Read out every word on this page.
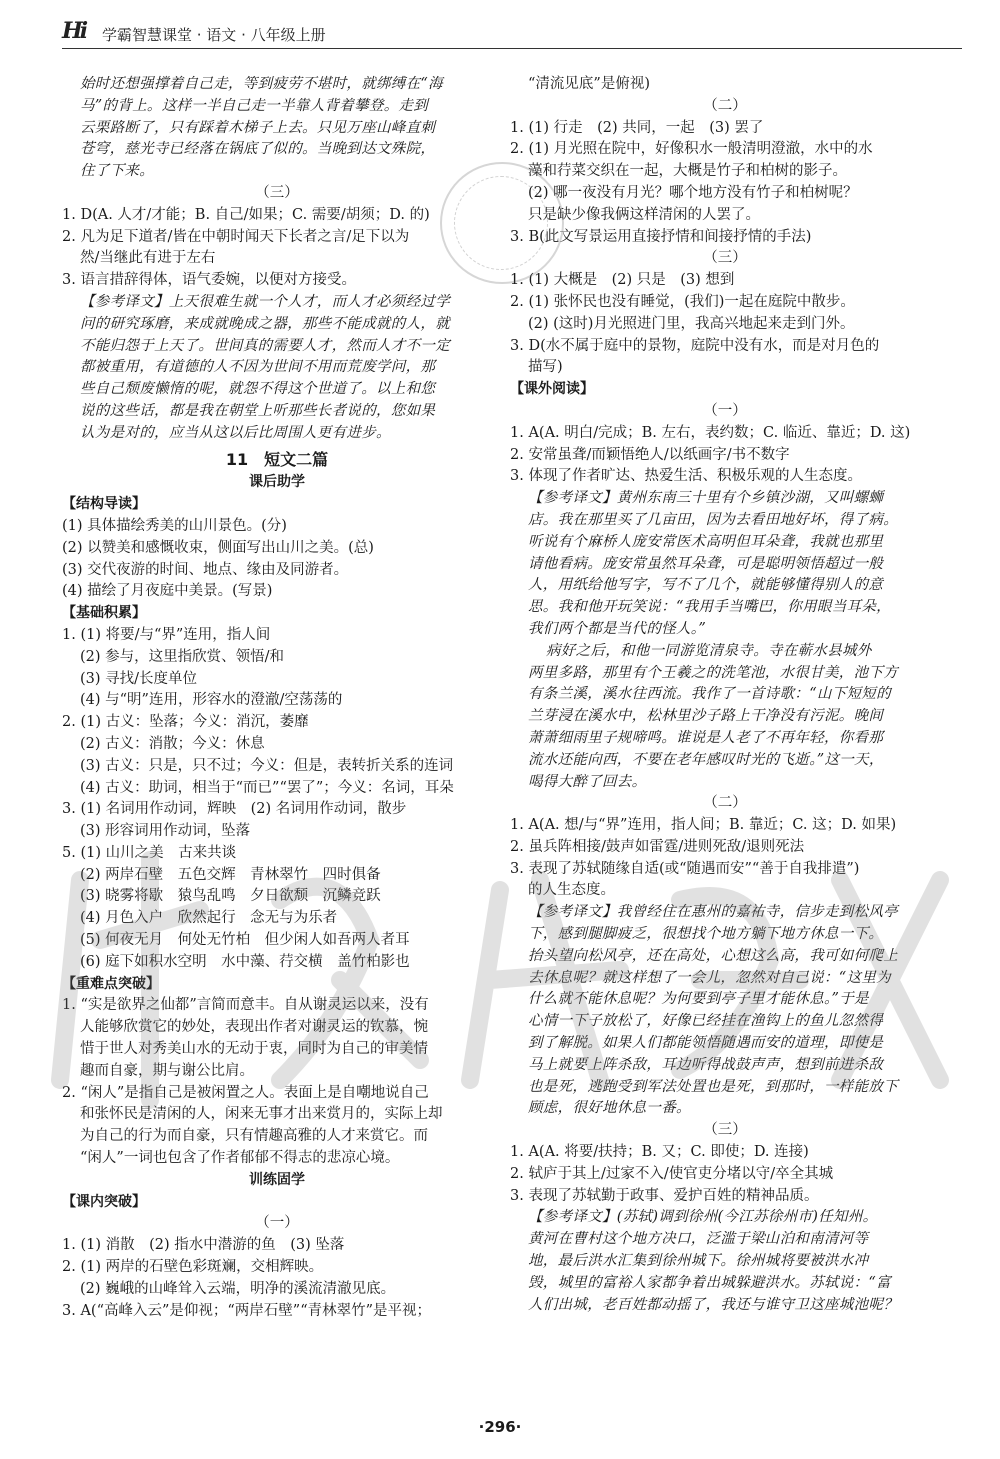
Hi 学霸智慧课堂 · 语文 · 八年级上册
始时还想强撑着自己走，等到疲劳不堪时，就绑缚在“海
马”的背上。这样一半自己走一半靠人背着攀登。走到
云栗路断了，只有踩着木梯子上去。只见万座山峰直刺
苍穹，慈光寺已经落在锅底了似的。当晚到达文殊院，
住了下来。
（三）
1. D(A. 人才/才能；B. 自己/如果；C. 需要/胡须；D. 的)
2. 凡为足下道者/皆在中朝时闻天下长者之言/足下以为
然/当继此有进于左右
3. 语言措辞得体，语气委婉，以便对方接受。
【参考译文】上天很难生就一个人才，而人才必须经过学
问的研究琢磨，来成就晚成之器，那些不能成就的人，就
不能归怨于上天了。世间真的需要人才，然而人才不一定
都被重用，有道德的人不因为世间不用而荒废学问，那
些自己颓废懒惰的呢，就怨不得这个世道了。以上和您
说的这些话，都是我在朝堂上听那些长者说的，您如果
认为是对的，应当从这以后比周围人更有进步。
11　短文二篇
课后助学
【结构导读】
(1) 具体描绘秀美的山川景色。(分)
(2) 以赞美和感慨收束，侧面写出山川之美。(总)
(3) 交代夜游的时间、地点、缘由及同游者。
(4) 描绘了月夜庭中美景。(写景)
【基础积累】
1. (1) 将要/与“界”连用，指人间
(2) 参与，这里指欣赏、领悟/和
(3) 寻找/长度单位
(4) 与“明”连用，形容水的澄澈/空荡荡的
2. (1) 古义：坠落；今义：消沉，萎靡
(2) 古义：消散；今义：休息
(3) 古义：只是，只不过；今义：但是，表转折关系的连词
(4) 古义：助词，相当于“而已”“罢了”；今义：名词，耳朵
3. (1) 名词用作动词，辉映　(2) 名词用作动词，散步
(3) 形容词用作动词，坠落
5. (1) 山川之美　古来共谈
(2) 两岸石壁　五色交辉　青林翠竹　四时俱备
(3) 晓雾将歇　猿鸟乱鸣　夕日欲颓　沉鳞竞跃
(4) 月色入户　欣然起行　念无与为乐者
(5) 何夜无月　何处无竹柏　但少闲人如吾两人者耳
(6) 庭下如积水空明　水中藻、荇交横　盖竹柏影也
【重难点突破】
1. “实是欲界之仙都”言简而意丰。自从谢灵运以来，没有
人能够欣赏它的妙处，表现出作者对谢灵运的钦慕，惋
惜于世人对秀美山水的无动于衷，同时为自己的审美情
趣而自豪，期与谢公比肩。
2. “闲人”是指自己是被闲置之人。表面上是自嘲地说自己
和张怀民是清闲的人，闲来无事才出来赏月的，实际上却
为自己的行为而自豪，只有情趣高雅的人才来赏它。而
“闲人”一词也包含了作者郁郁不得志的悲凉心境。
训练固学
【课内突破】
（一）
1. (1) 消散　(2) 指水中潜游的鱼　(3) 坠落
2. (1) 两岸的石壁色彩斑斓，交相辉映。
(2) 巍峨的山峰耸入云端，明净的溪流清澈见底。
3. A(“高峰入云”是仰视；“两岸石壁”“青林翠竹”是平视；
“清流见底”是俯视)
（二）
1. (1) 行走　(2) 共同，一起　(3) 罢了
2. (1) 月光照在院中，好像积水一般清明澄澈，水中的水
藻和荇菜交织在一起，大概是竹子和柏树的影子。
(2) 哪一夜没有月光？哪个地方没有竹子和柏树呢？
只是缺少像我俩这样清闲的人罢了。
3. B(此文写景运用直接抒情和间接抒情的手法)
（三）
1. (1) 大概是　(2) 只是　(3) 想到
2. (1) 张怀民也没有睡觉，(我们)一起在庭院中散步。
(2) (这时)月光照进门里，我高兴地起来走到门外。
3. D(水不属于庭中的景物，庭院中没有水，而是对月色的
描写)
【课外阅读】
（一）
1. A(A. 明白/完成；B. 左右，表约数；C. 临近、靠近；D. 这)
2. 安常虽聋/而颖悟绝人/以纸画字/书不数字
3. 体现了作者旷达、热爱生活、积极乐观的人生态度。
【参考译文】黄州东南三十里有个乡镇沙湖，又叫螺蛳
店。我在那里买了几亩田，因为去看田地好坏，得了病。
听说有个麻桥人庞安常医术高明但耳朵聋，我就也那里
请他看病。庞安常虽然耳朵聋，可是聪明领悟超过一般
人，用纸给他写字，写不了几个，就能够懂得别人的意
思。我和他开玩笑说：“我用手当嘴巴，你用眼当耳朵，
我们两个都是当代的怪人。”
病好之后，和他一同游览清泉寺。寺在蕲水县城外
两里多路，那里有个王羲之的洗笔池，水很甘美，池下方
有条兰溪，溪水往西流。我作了一首诗歌：“山下短短的
兰芽浸在溪水中，松林里沙子路上干净没有污泥。晚间
萧萧细雨里子规啼鸣。谁说是人老了不再年轻，你看那
流水还能向西，不要在老年感叹时光的飞逝。”这一天，
喝得大醉了回去。
（二）
1. A(A. 想/与“界”连用，指人间；B. 靠近；C. 这；D. 如果)
2. 虽兵阵相接/鼓声如雷霆/进则死敌/退则死法
3. 表现了苏轼随缘自适(或“随遇而安”“善于自我排遣”)
的人生态度。
【参考译文】我曾经住在惠州的嘉祐寺，信步走到松风亭
下，感到腿脚疲乏，很想找个地方躺下地方休息一下。
抬头望向松风亭，还在高处，心想这么高，我可如何爬上
去休息呢？就这样想了一会儿，忽然对自己说：“这里为
什么就不能休息呢？为何要到亭子里才能休息。”于是
心情一下子放松了，好像已经挂在渔钩上的鱼儿忽然得
到了解脱。如果人们都能领悟随遇而安的道理，即使是
马上就要上阵杀敌，耳边听得战鼓声声，想到前进杀敌
也是死，逃跑受到军法处置也是死，到那时，一样能放下
顾虑，很好地休息一番。
（三）
1. A(A. 将要/扶持；B. 又；C. 即使；D. 连接)
2. 轼庐于其上/过家不入/使官吏分堵以守/卒全其城
3. 表现了苏轼勤于政事、爱护百姓的精神品质。
【参考译文】(苏轼)调到徐州(今江苏徐州市)任知州。
黄河在曹村这个地方决口，泛滥于梁山泊和南清河等
地，最后洪水汇集到徐州城下。徐州城将要被洪水冲
毁，城里的富裕人家都争着出城躲避洪水。苏轼说：“富
人们出城，老百姓都动摇了，我还与谁守卫这座城池呢？
·296·
